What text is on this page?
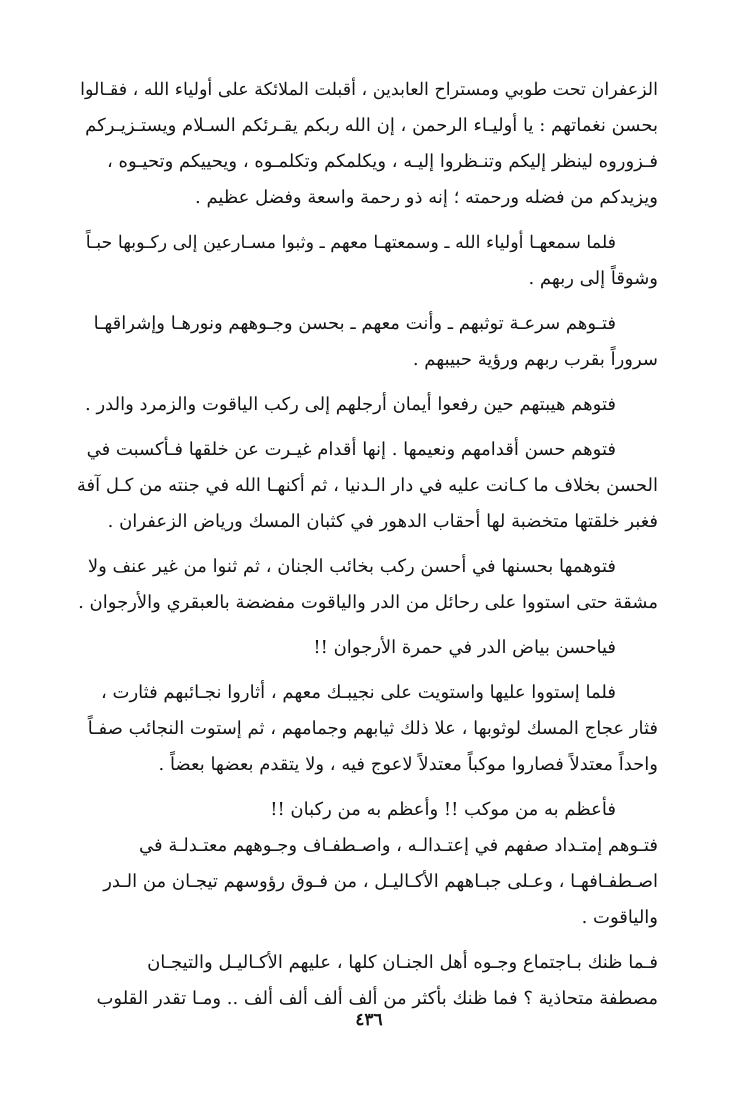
الزعفران تحت طوبي ومستراح العابدين ، أقبلت الملائكة على أولياء الله ، فقـالوا

بحسن نغماتهم : يا أوليـاء الرحمن ، إن الله ربكم يقـرئكم السـلام ويستـزيـركم

فـزوروه لينظر إليكم وتنـظروا إليـه ، ويكلمكم وتكلمـوه ، ويحييكم وتحيـوه ،

ويزيدكم من فضله ورحمته ؛ إنه ذو رحمة واسعة وفضل عظيم .

فلما سمعهـا أولياء الله ـ وسمعتهـا معهم ـ وثبوا مسـارعين إلى ركـوبها حبـاً

وشوقاً إلى ربهم .

فتـوهم سرعـة توثبهم ـ وأنت معهم ـ بحسن وجـوههم ونورهـا وإشراقهـا

سروراً بقرب ربهم ورؤية حبيبهم .

فتوهم هيبتهم حين رفعوا أيمان أرجلهم إلى ركب الياقوت والزمرد والدر .

فتوهم حسن أقدامهم ونعيمها . إنها أقدام غيـرت عن خلقها فـأكسبت في

الحسن بخلاف ما كـانت عليه في دار الـدنيا ، ثم أكنهـا الله في جنته من كـل آفة

فغبر خلقتها متخضبة لها أحقاب الدهور في كثبان المسك ورياض الزعفران .

فتوهمها بحسنها في أحسن ركب بخائب الجنان ، ثم ثنوا من غير عنف ولا

مشقة حتى استووا على رحائل من الدر والياقوت مفضضة بالعبقري والأرجوان .

فياحسن بياض الدر في حمرة الأرجوان !!

فلما إستووا عليها واستويت على نجيبـك معهم ، أثاروا نجـائبهم فثارت ،

فثار عجاج المسك لوثوبها ، علا ذلك ثيابهم وجمامهم ، ثم إستوت النجائب صفـاً

واحداً معتدلاً فصاروا موكباً معتدلاً لاعوج فيه ، ولا يتقدم بعضها بعضاً .

فأعظم به من موكب !! وأعظم به من ركبان !!

فتـوهم إمتـداد صفهم في إعتـدالـه ، واصـطفـاف وجـوههم معتـدلـة في

اصـطفـافهـا ، وعـلى جبـاههم الأكـاليـل ، من فـوق رؤوسهم تيجـان من الـدر

والياقوت .

فـما ظنك بـاجتماع وجـوه أهل الجنـان كلها ، عليهم الأكـاليـل والتيجـان

مصطفة متحاذية ؟ فما ظنك بأكثر من ألف ألف ألف ألف .. ومـا تقدر القلوب

٤٣٦
